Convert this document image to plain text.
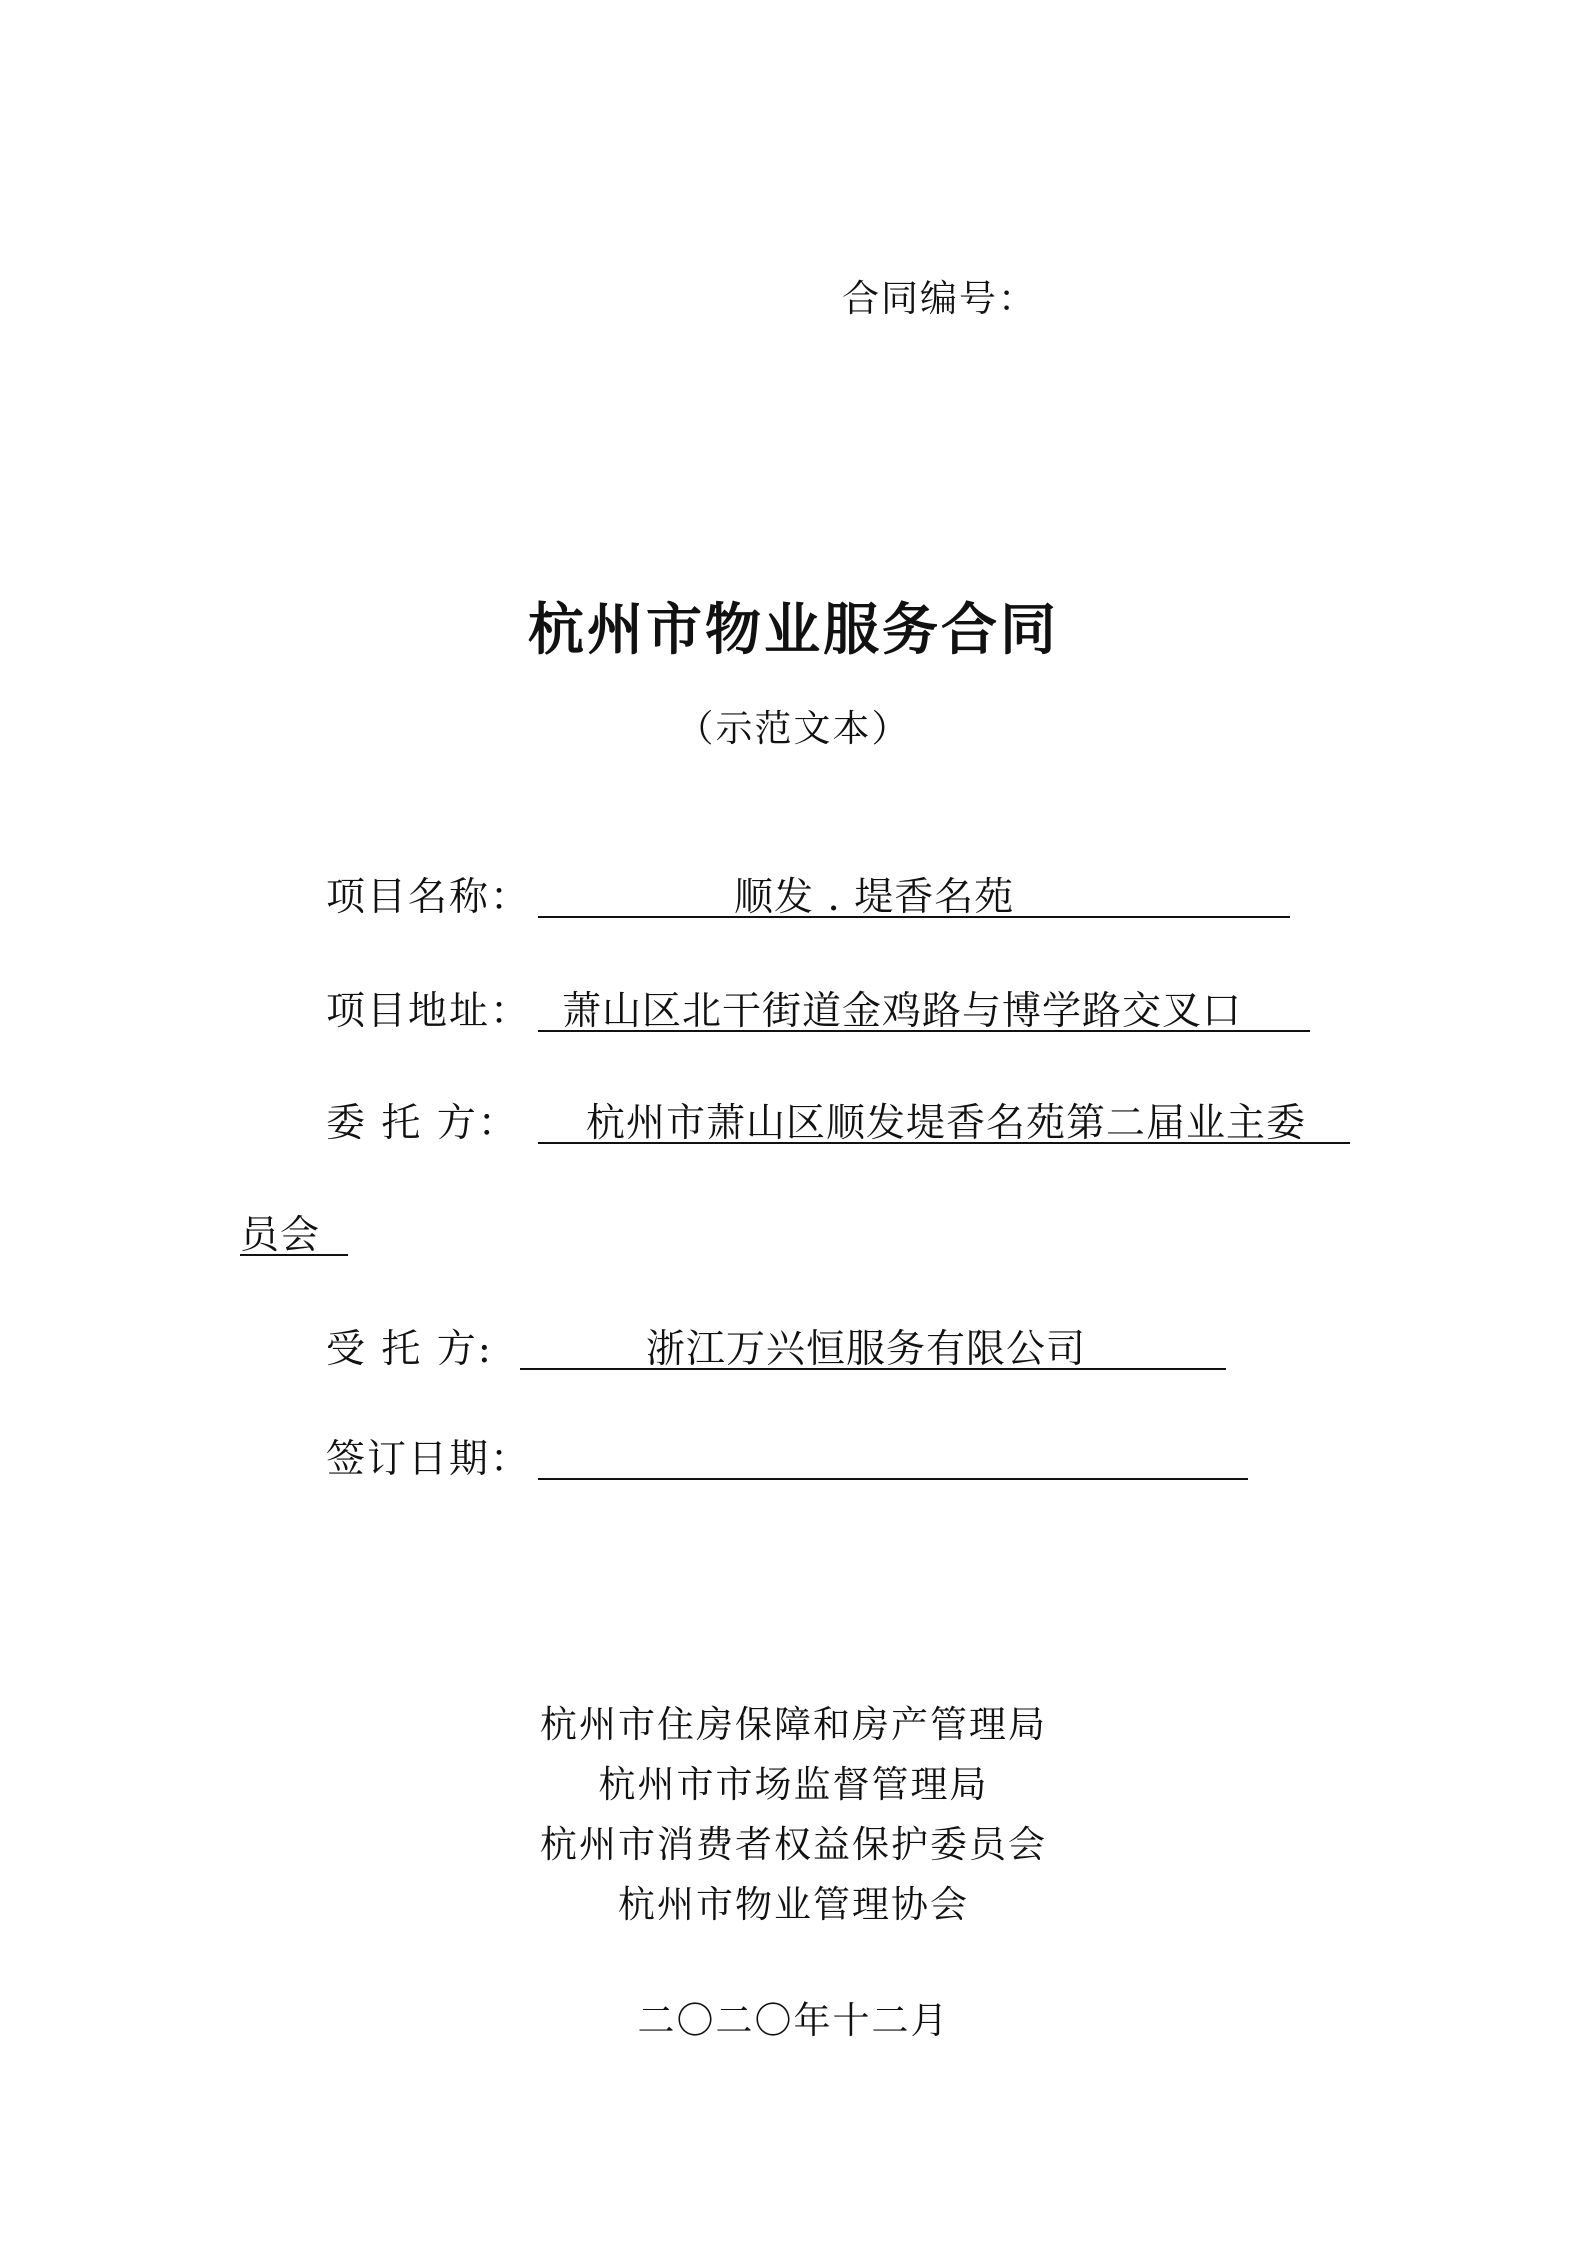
合同编号：
杭州市物业服务合同
（示范文本）
项目名称：	顺发 . 堤香名苑
项目地址： 萧山区北干街道金鸡路与博学路交叉口
委 托 方： 杭州市萧山区顺发堤香名苑第二届业主委
员会
受 托 方:	浙江万兴恒服务有限公司
签订日期：
杭州市住房保障和房产管理局
杭州市市场监督管理局
杭州市消费者权益保护委员会
杭州市物业管理协会
二〇二〇年十二月
